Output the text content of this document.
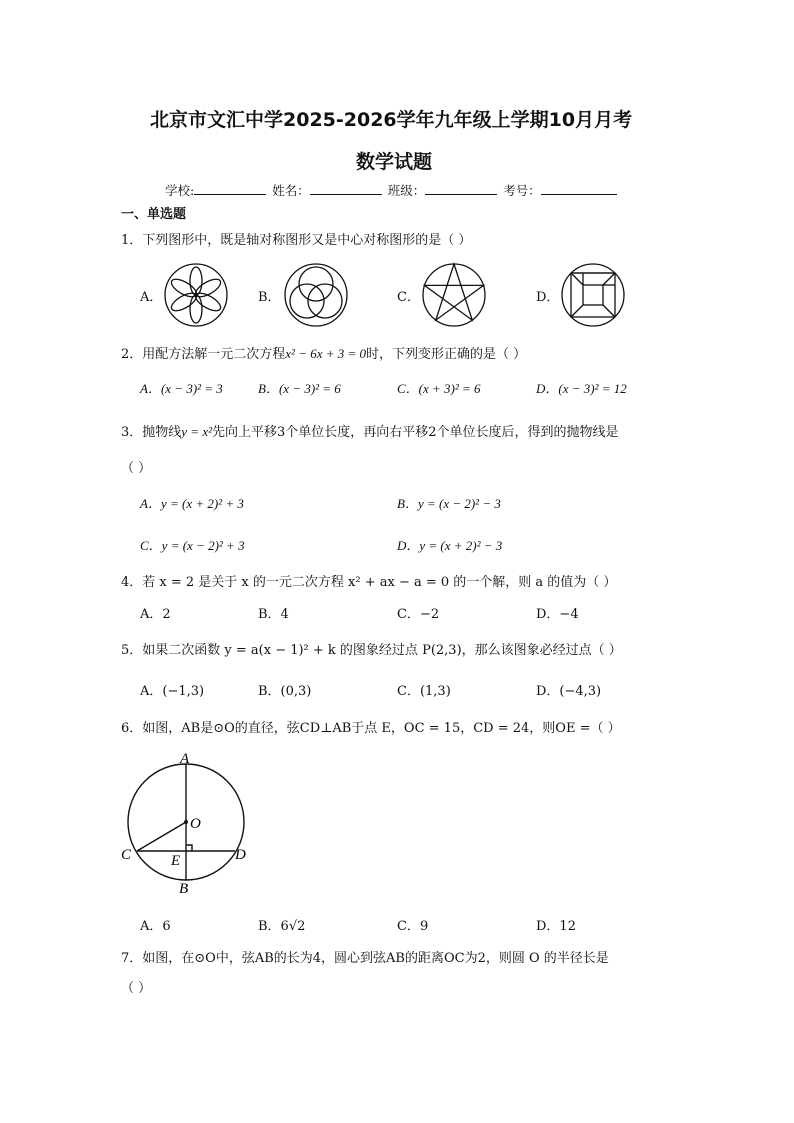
北京市文汇中学2025-2026学年九年级上学期10月月考
数学试题
学校:	姓名：	班级：	考号：
一、单选题
1．下列图形中，既是轴对称图形又是中心对称图形的是（ ）
A．	B．	C．	D．
2．用配方法解一元二次方程x² − 6x + 3 = 0时，下列变形正确的是（ ）
A．(x − 3)² = 3	B．(x − 3)² = 6	C．(x + 3)² = 6	D．(x − 3)² = 12
3．抛物线y = x²先向上平移3个单位长度，再向右平移2个单位长度后，得到的抛物线是
（ ）
A．y = (x + 2)² + 3	B．y = (x − 2)² − 3
C．y = (x − 2)² + 3	D．y = (x + 2)² − 3
4．若 x = 2 是关于 x 的一元二次方程 x² + ax − a = 0 的一个解，则 a 的值为（ ）
A．2	B．4	C．−2	D．−4
5．如果二次函数 y = a(x − 1)² + k 的图象经过点 P(2,3)，那么该图象必经过点（ ）
A．(−1,3)	B．(0,3)	C．(1,3)	D．(−4,3)
6．如图，AB是⊙O的直径，弦CD⊥AB于点 E，OC = 15，CD = 24，则OE =（ ）
A
B
C	D
E
O
A．6	B．6√2	C．9	D．12
7．如图，在⊙O中，弦AB的长为4，圆心到弦AB的距离OC为2，则圆 O 的半径长是
（ ）
